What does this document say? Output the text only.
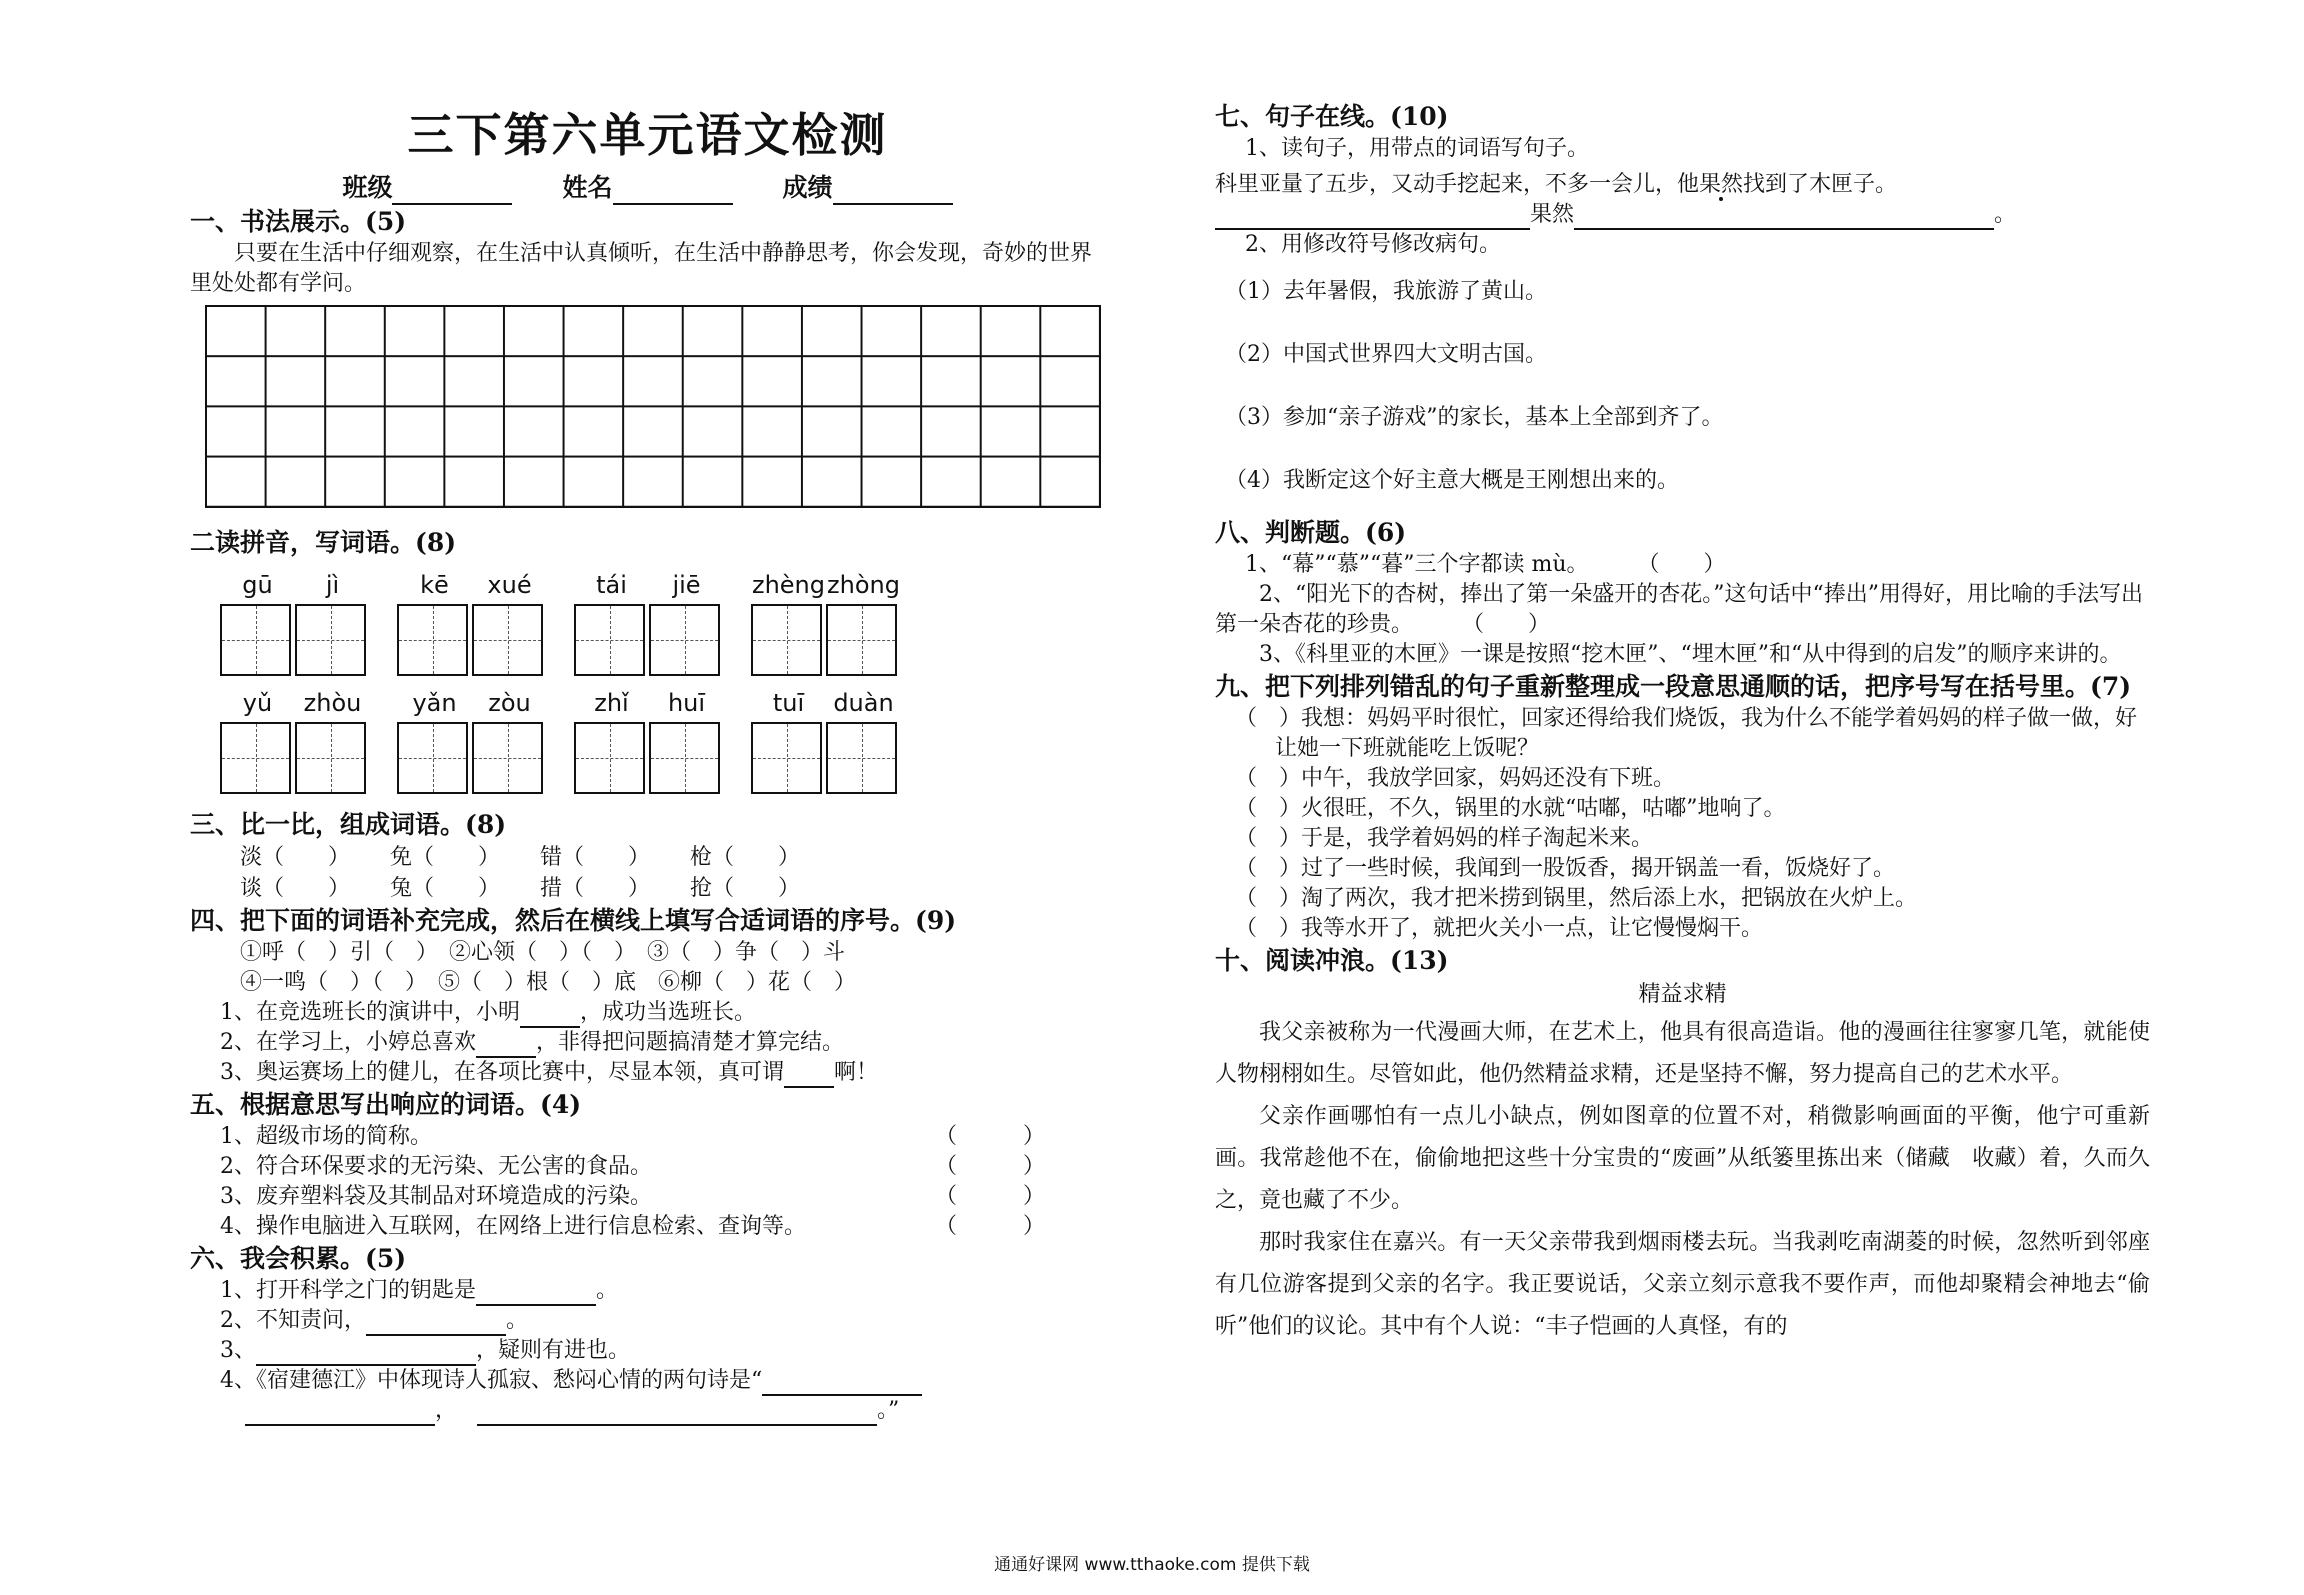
三下第六单元语文检测
班级	姓名	成绩
一、书法展示。(5)
只要在生活中仔细观察，在生活中认真倾听，在生活中静静思考，你会发现，奇妙的世界里处处都有学问。
二读拼音，写词语。(8)
gū	jì	kē	xué	tái	jiē	zhèng zhòng
yǔ	zhòu	yǎn	zòu	zhǐ	huī	tuī	duàn
三、比一比，组成词语。(8)
淡（　　）	免（　　）	错（　　）	枪（　　）
谈（　　）	兔（　　）	措（　　）	抢（　　）
四、把下面的词语补充完成，然后在横线上填写合适词语的序号。(9)
①呼（　）引（　）　②心领（　）（　）　③（　）争（　）斗
④一鸣（　）（　）　⑤（　）根（　）底　⑥柳（　）花（　）
1、在竞选班长的演讲中，小明	，成功当选班长。
2、在学习上，小婷总喜欢	，非得把问题搞清楚才算完结。
3、奥运赛场上的健儿，在各项比赛中，尽显本领，真可谓 啊！
五、根据意思写出响应的词语。(4)
1、超级市场的简称。	（　　　）
2、符合环保要求的无污染、无公害的食品。	（　　　）
3、废弃塑料袋及其制品对环境造成的污染。	（　　　）
4、操作电脑进入互联网，在网络上进行信息检索、查询等。	（　　　）
六、我会积累。(5)
1、打开科学之门的钥匙是	。
2、不知责问，	。
3、	，疑则有进也。
4、《宿建德江》中体现诗人孤寂、愁闷心情的两句诗是“
，	。”
七、句子在线。(10)
1、读句子，用带点的词语写句子。
科里亚量了五步，又动手挖起来，不多一会儿，他果然找到了木匣子。
果然	。
2、用修改符号修改病句。
（1）去年暑假，我旅游了黄山。
（2）中国式世界四大文明古国。
（3）参加“亲子游戏”的家长，基本上全部到齐了。
（4）我断定这个好主意大概是王刚想出来的。
八、判断题。(6)
1、“幕”“慕”“暮”三个字都读 mù。	（　　）
2、“阳光下的杏树，捧出了第一朵盛开的杏花。”这句话中“捧出”用得好，用比喻的手法写出第一朵杏花的珍贵。	（　　）
3、《科里亚的木匣》一课是按照“挖木匣”、“埋木匣”和“从中得到的启发”的顺序来讲的。
九、把下列排列错乱的句子重新整理成一段意思通顺的话，把序号写在括号里。(7)
（　）我想：妈妈平时很忙，回家还得给我们烧饭，我为什么不能学着妈妈的样子做一做，好让她一下班就能吃上饭呢？
（　）中午，我放学回家，妈妈还没有下班。
（　）火很旺，不久，锅里的水就“咕嘟，咕嘟”地响了。
（　）于是，我学着妈妈的样子淘起米来。
（　）过了一些时候，我闻到一股饭香，揭开锅盖一看，饭烧好了。
（　）淘了两次，我才把米捞到锅里，然后添上水，把锅放在火炉上。
（　）我等水开了，就把火关小一点，让它慢慢焖干。
十、阅读冲浪。(13)
精益求精
我父亲被称为一代漫画大师，在艺术上，他具有很高造诣。他的漫画往往寥寥几笔，就能使人物栩栩如生。尽管如此，他仍然精益求精，还是坚持不懈，努力提高自己的艺术水平。
父亲作画哪怕有一点儿小缺点，例如图章的位置不对，稍微影响画面的平衡，他宁可重新画。我常趁他不在，偷偷地把这些十分宝贵的“废画”从纸篓里拣出来（储藏　收藏）着，久而久之，竟也藏了不少。
那时我家住在嘉兴。有一天父亲带我到烟雨楼去玩。当我剥吃南湖菱的时候，忽然听到邻座有几位游客提到父亲的名字。我正要说话，父亲立刻示意我不要作声，而他却聚精会神地去“偷听”他们的议论。其中有个人说：“丰子恺画的人真怪，有的
通通好课网 www.tthaoke.com 提供下载
